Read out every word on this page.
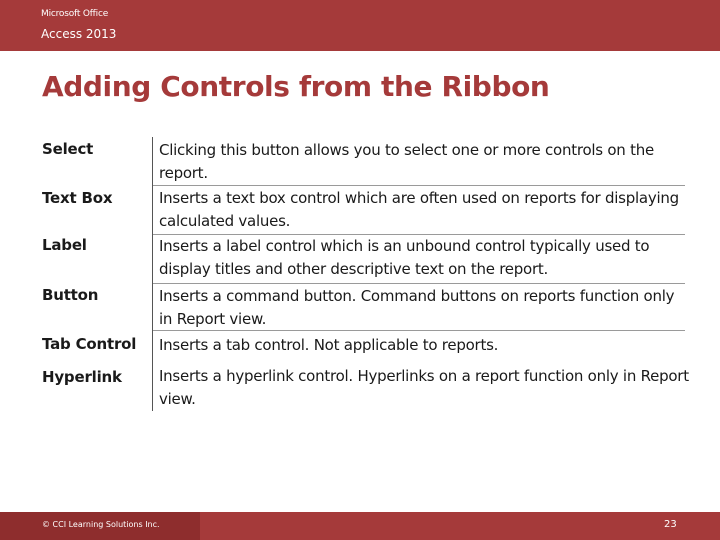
Microsoft Office
Access 2013
Adding Controls from the Ribbon
Select	Clicking this button allows you to select one or more controls on the report.
Text Box	Inserts a text box control which are often used on reports for displaying calculated values.
Label	Inserts a label control which is an unbound control typically used to display titles and other descriptive text on the report.
Button	Inserts a command button. Command buttons on reports function only in Report view.
Tab Control Inserts a tab control. Not applicable to reports.
Hyperlink Inserts a hyperlink control. Hyperlinks on a report function only in Report view.
© CCI Learning Solutions Inc.	23
